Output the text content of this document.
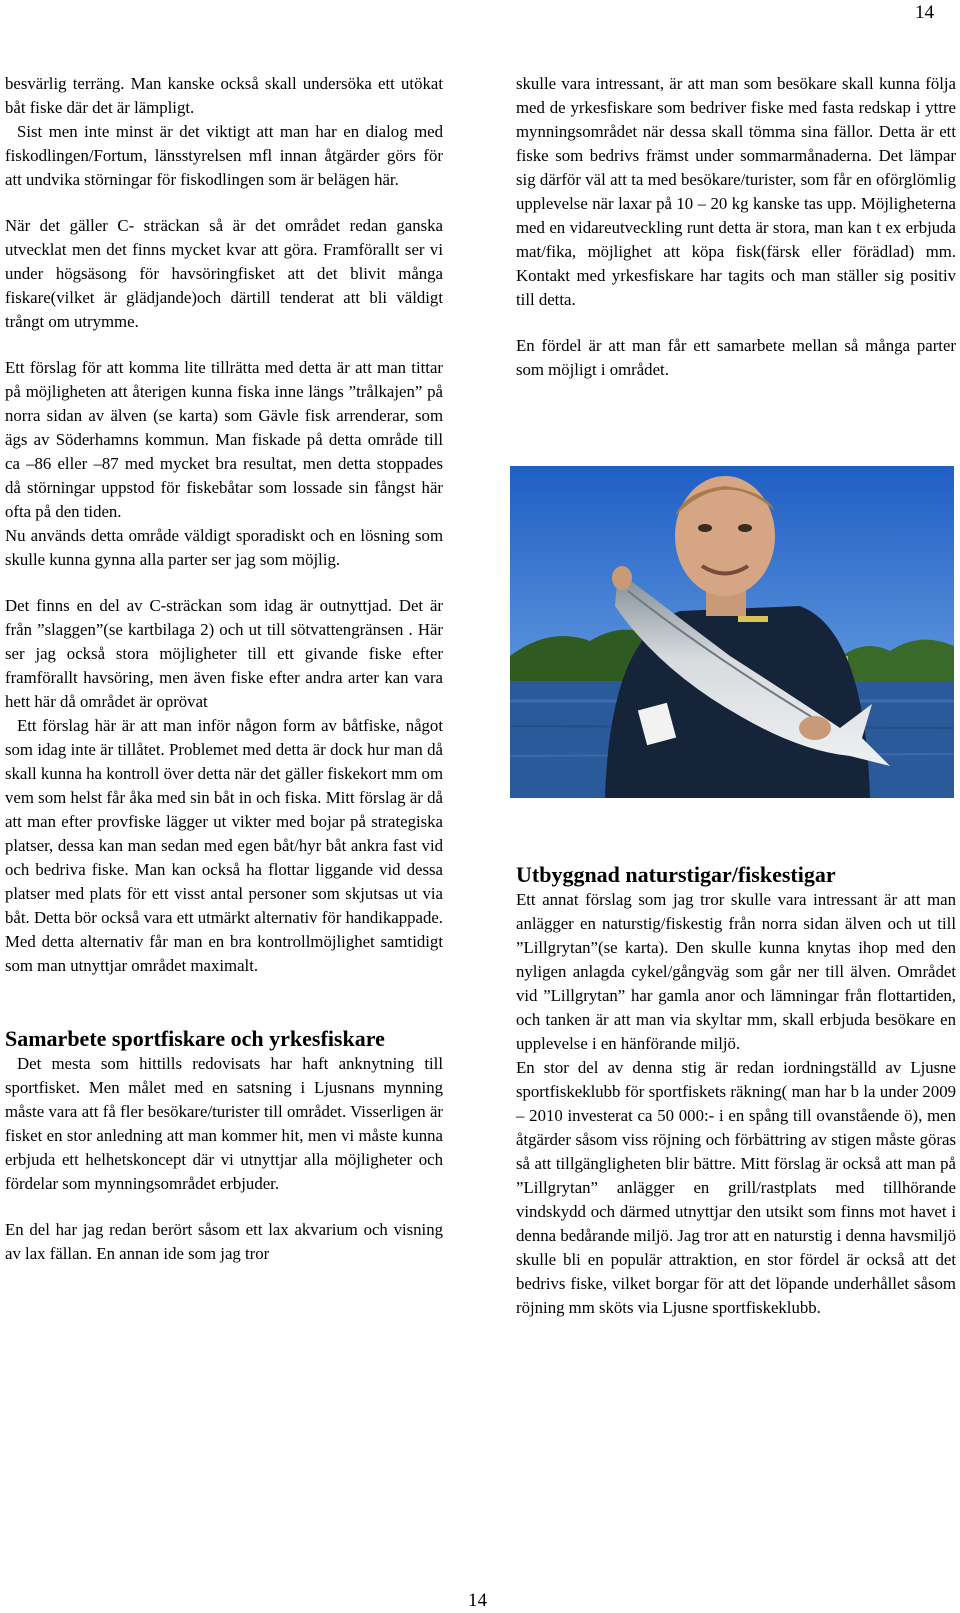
14

besvärlig terräng. Man kanske också skall undersöka ett utökat båt fiske där det är lämpligt.

Sist men inte minst är det viktigt att man har en dialog med fiskodlingen/Fortum, länsstyrelsen mfl innan åtgärder görs för att undvika störningar för fiskodlingen som är belägen här.

När det gäller C- sträckan så är det området redan ganska utvecklat men det finns mycket kvar att göra. Framförallt ser vi under högsäsong för havsöringfisket att det blivit många fiskare(vilket är glädjande)och därtill tenderat att bli väldigt trångt om utrymme.

Ett förslag för att komma lite tillrätta med detta är att man tittar på möjligheten att återigen kunna fiska inne längs ”trålkajen” på norra sidan av älven (se karta) som Gävle fisk arrenderar, som ägs av Söderhamns kommun. Man fiskade på detta område till ca –86 eller –87 med mycket bra resultat, men detta stoppades då störningar uppstod för fiskebåtar som lossade sin fångst här ofta på den tiden.

Nu används detta område väldigt sporadiskt och en lösning som skulle kunna gynna alla parter ser jag som möjlig.

Det finns en del av C-sträckan som idag är outnyttjad. Det är från ”slaggen”(se kartbilaga 2) och ut till sötvattengränsen . Här ser jag också stora möjligheter till ett givande fiske efter framförallt havsöring, men även fiske efter andra arter kan vara hett här då området är oprövat

Ett förslag här är att man inför någon form av båtfiske, något som idag inte är tillåtet. Problemet med detta är dock hur man då skall kunna ha kontroll över detta när det gäller fiskekort mm om vem som helst får åka med sin båt in och fiska. Mitt förslag är då att man efter provfiske lägger ut vikter med bojar på strategiska platser, dessa kan man sedan med egen båt/hyr båt ankra fast vid och bedriva fiske. Man kan också ha flottar liggande vid dessa platser med plats för ett visst antal personer som skjutsas ut via båt. Detta bör också vara ett utmärkt alternativ för handikappade. Med detta alternativ får man en bra kontrollmöjlighet samtidigt som man utnyttjar området maximalt.

Samarbete sportfiskare och yrkesfiskare

Det mesta som hittills redovisats har haft anknytning till sportfisket. Men målet med en satsning i Ljusnans mynning måste vara att få fler besökare/turister till området. Visserligen är fisket en stor anledning att man kommer hit, men vi måste kunna erbjuda ett helhetskoncept där vi utnyttjar alla möjligheter och fördelar som mynningsområdet erbjuder.

En del har jag redan berört såsom ett lax akvarium och visning av lax fällan. En annan ide som jag tror

skulle vara intressant, är att man som besökare skall kunna följa med de yrkesfiskare som bedriver fiske med fasta redskap i yttre mynningsområdet när dessa skall tömma sina fällor. Detta är ett fiske som bedrivs främst under sommarmånaderna. Det lämpar sig därför väl att ta med besökare/turister, som får en oförglömlig upplevelse när laxar på 10 – 20 kg kanske tas upp. Möjligheterna med en vidareutveckling runt detta är stora, man kan t ex erbjuda mat/fika, möjlighet att köpa fisk(färsk eller förädlad) mm. Kontakt med yrkesfiskare har tagits och man ställer sig positiv till detta.

En fördel är att man får ett samarbete mellan så många parter som möjligt i området.

Utbyggnad naturstigar/fiskestigar

Ett annat förslag som jag tror skulle vara intressant är att man anlägger en naturstig/fiskestig från norra sidan älven och ut till ”Lillgrytan”(se karta). Den skulle kunna knytas ihop med den nyligen anlagda cykel/gångväg som går ner till älven. Området vid ”Lillgrytan” har gamla anor och lämningar från flottartiden, och tanken är att man via skyltar mm, skall erbjuda besökare en upplevelse i en hänförande miljö.

En stor del av denna stig är redan iordningställd av Ljusne sportfiskeklubb för sportfiskets räkning( man har b la under 2009 – 2010 investerat ca 50 000:- i en spång till ovanstående ö), men åtgärder såsom viss röjning och förbättring av stigen måste göras så att tillgängligheten blir bättre. Mitt förslag är också att man på ”Lillgrytan” anlägger en grill/rastplats med tillhörande vindskydd och därmed utnyttjar den utsikt som finns mot havet i denna bedårande miljö. Jag tror att en naturstig i denna havsmiljö skulle bli en populär attraktion, en stor fördel är också att det bedrivs fiske, vilket borgar för att det löpande underhållet såsom röjning mm sköts via Ljusne sportfiskeklubb.

14
